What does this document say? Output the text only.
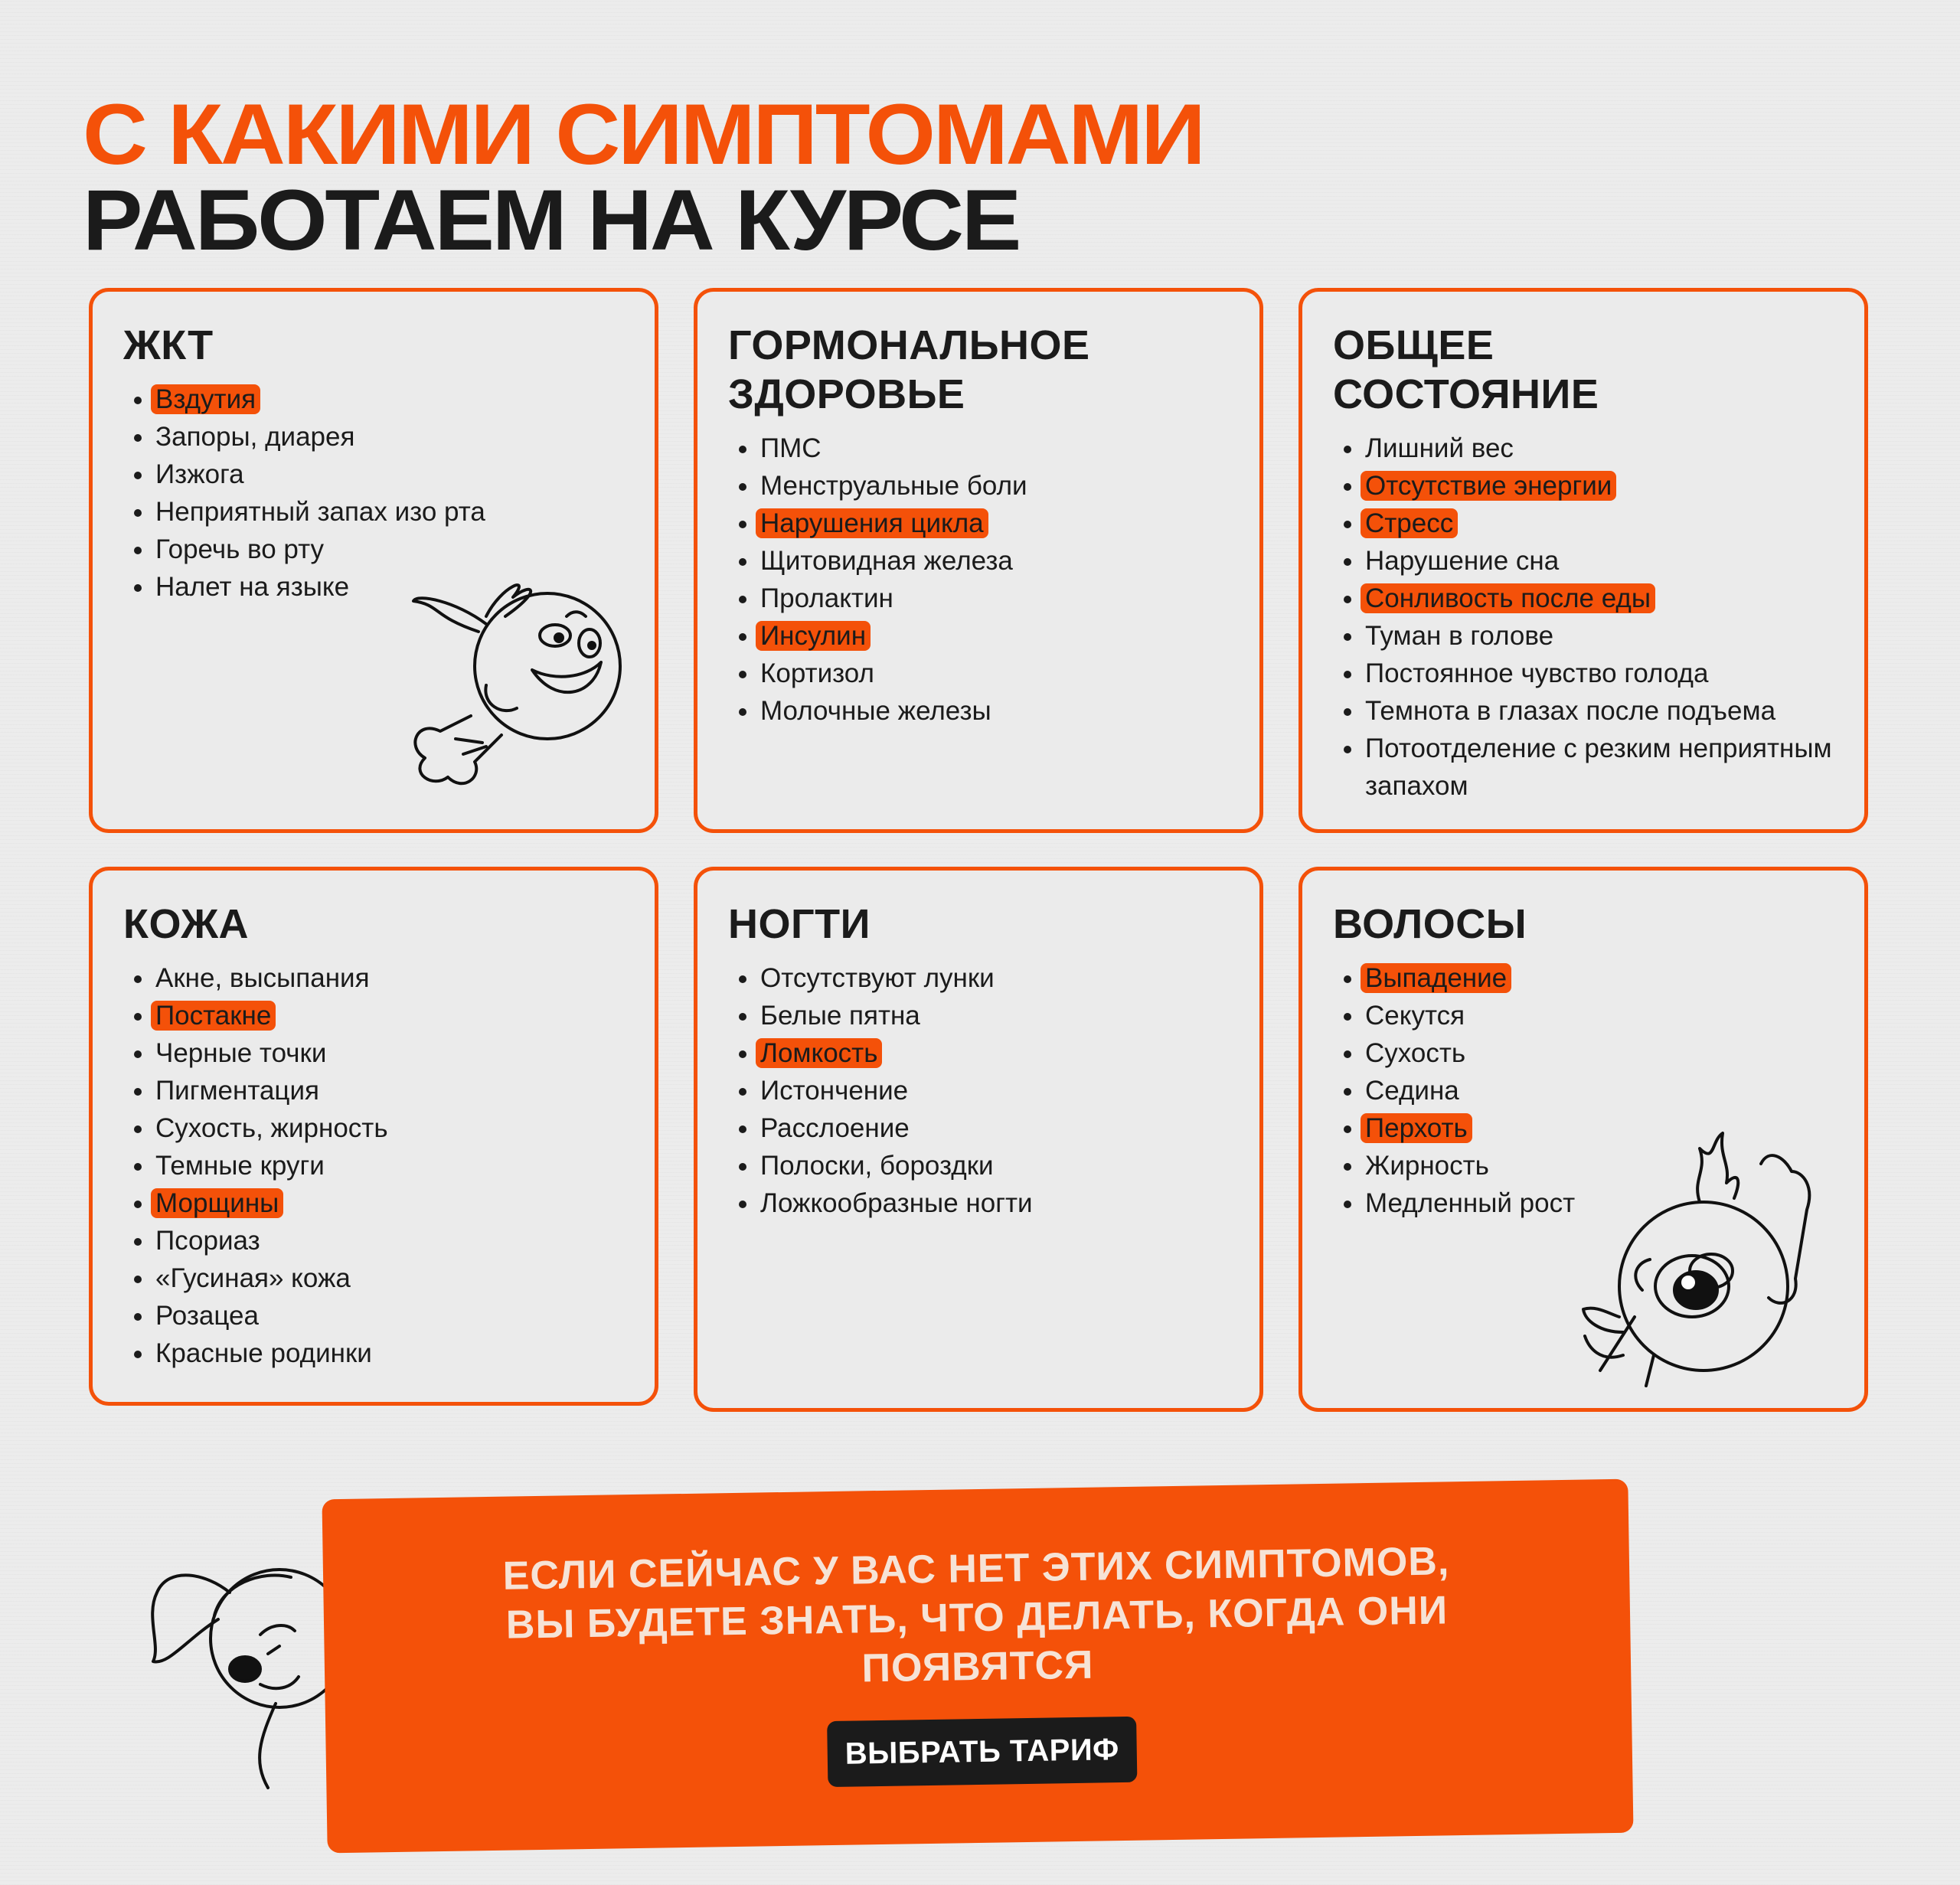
С КАКИМИ СИМПТОМАМИ
РАБОТАЕМ НА КУРСЕ
ЖКТ
Вздутия
Запоры, диарея
Изжога
Неприятный запах изо рта
Горечь во рту
Налет на языке
ГОРМОНАЛЬНОЕ
ЗДОРОВЬЕ
ПМС
Менструальные боли
Нарушения цикла
Щитовидная железа
Пролактин
Инсулин
Кортизол
Молочные железы
ОБЩЕЕ
СОСТОЯНИЕ
Лишний вес
Отсутствие энергии
Стресс
Нарушение сна
Сонливость после еды
Туман в голове
Постоянное чувство голода
Темнота в глазах после подъема
Потоотделение с резким неприятным запахом
КОЖА
Акне, высыпания
Постакне
Черные точки
Пигментация
Сухость, жирность
Темные круги
Морщины
Псориаз
«Гусиная» кожа
Розацеа
Красные родинки
НОГТИ
Отсутствуют лунки
Белые пятна
Ломкость
Истончение
Расслоение
Полоски, бороздки
Ложкообразные ногти
ВОЛОСЫ
Выпадение
Секутся
Сухость
Седина
Перхоть
Жирность
Медленный рост
ЕСЛИ СЕЙЧАС У ВАС НЕТ ЭТИХ СИМПТОМОВ,
ВЫ БУДЕТЕ ЗНАТЬ, ЧТО ДЕЛАТЬ, КОГДА ОНИ
ПОЯВЯТСЯ
ВЫБРАТЬ ТАРИФ
